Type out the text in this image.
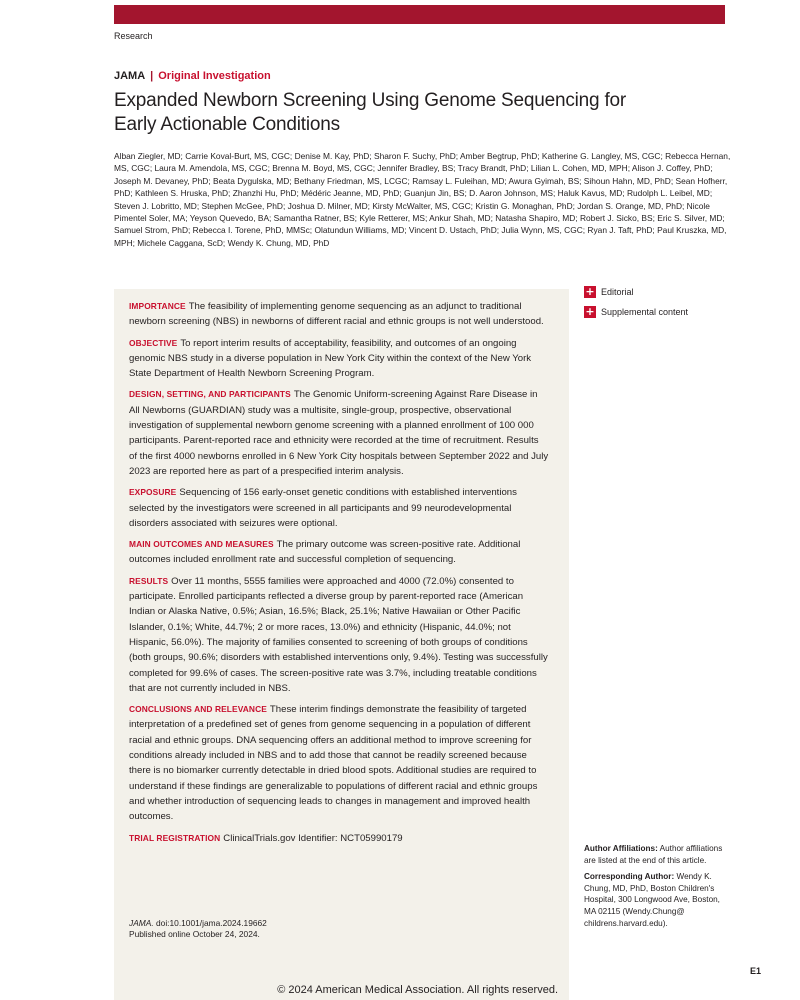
Research
JAMA | Original Investigation
Expanded Newborn Screening Using Genome Sequencing for Early Actionable Conditions

Alban Ziegler, MD; Carrie Koval-Burt, MS, CGC; Denise M. Kay, PhD; Sharon F. Suchy, PhD; Amber Begtrup, PhD; Katherine G. Langley, MS, CGC; Rebecca Hernan, MS, CGC; Laura M. Amendola, MS, CGC; Brenna M. Boyd, MS, CGC; Jennifer Bradley, BS; Tracy Brandt, PhD; Lilian L. Cohen, MD, MPH; Alison J. Coffey, PhD; Joseph M. Devaney, PhD; Beata Dygulska, MD; Bethany Friedman, MS, LCGC; Ramsay L. Fuleihan, MD; Awura Gyimah, BS; Sihoun Hahn, MD, PhD; Sean Hofherr, PhD; Kathleen S. Hruska, PhD; Zhanzhi Hu, PhD; Médéric Jeanne, MD, PhD; Guanjun Jin, BS; D. Aaron Johnson, MS; Haluk Kavus, MD; Rudolph L. Leibel, MD; Steven J. Lobritto, MD; Stephen McGee, PhD; Joshua D. Milner, MD; Kirsty McWalter, MS, CGC; Kristin G. Monaghan, PhD; Jordan S. Orange, MD, PhD; Nicole Pimentel Soler, MA; Yeyson Quevedo, BA; Samantha Ratner, BS; Kyle Retterer, MS; Ankur Shah, MD; Natasha Shapiro, MD; Robert J. Sicko, BS; Eric S. Silver, MD; Samuel Strom, PhD; Rebecca I. Torene, PhD, MMSc; Olatundun Williams, MD; Vincent D. Ustach, PhD; Julia Wynn, MS, CGC; Ryan J. Taft, PhD; Paul Kruszka, MD, MPH; Michele Caggana, ScD; Wendy K. Chung, MD, PhD

IMPORTANCE The feasibility of implementing genome sequencing as an adjunct to traditional newborn screening (NBS) in newborns of different racial and ethnic groups is not well understood.

OBJECTIVE To report interim results of acceptability, feasibility, and outcomes of an ongoing genomic NBS study in a diverse population in New York City within the context of the New York State Department of Health Newborn Screening Program.

DESIGN, SETTING, AND PARTICIPANTS The Genomic Uniform-screening Against Rare Disease in All Newborns (GUARDIAN) study was a multisite, single-group, prospective, observational investigation of supplemental newborn genome screening with a planned enrollment of 100 000 participants. Parent-reported race and ethnicity were recorded at the time of recruitment. Results of the first 4000 newborns enrolled in 6 New York City hospitals between September 2022 and July 2023 are reported here as part of a prespecified interim analysis.

EXPOSURE Sequencing of 156 early-onset genetic conditions with established interventions selected by the investigators were screened in all participants and 99 neurodevelopmental disorders associated with seizures were optional.

MAIN OUTCOMES AND MEASURES The primary outcome was screen-positive rate. Additional outcomes included enrollment rate and successful completion of sequencing.

RESULTS Over 11 months, 5555 families were approached and 4000 (72.0%) consented to participate. Enrolled participants reflected a diverse group by parent-reported race (American Indian or Alaska Native, 0.5%; Asian, 16.5%; Black, 25.1%; Native Hawaiian or Other Pacific Islander, 0.1%; White, 44.7%; 2 or more races, 13.0%) and ethnicity (Hispanic, 44.0%; not Hispanic, 56.0%). The majority of families consented to screening of both groups of conditions (both groups, 90.6%; disorders with established interventions only, 9.4%). Testing was successfully completed for 99.6% of cases. The screen-positive rate was 3.7%, including treatable conditions that are not currently included in NBS.

CONCLUSIONS AND RELEVANCE These interim findings demonstrate the feasibility of targeted interpretation of a predefined set of genes from genome sequencing in a population of different racial and ethnic groups. DNA sequencing offers an additional method to improve screening for conditions already included in NBS and to add those that cannot be readily screened because there is no biomarker currently detectable in dried blood spots. Additional studies are required to understand if these findings are generalizable to populations of different racial and ethnic groups and whether introduction of sequencing leads to changes in management and improved health outcomes.

TRIAL REGISTRATION ClinicalTrials.gov Identifier: NCT05990179

JAMA. doi:10.1001/jama.2024.19662
Published online October 24, 2024.
+ Editorial
+ Supplemental content

Author Affiliations: Author affiliations are listed at the end of this article.

Corresponding Author: Wendy K. Chung, MD, PhD, Boston Children's Hospital, 300 Longwood Ave, Boston, MA 02115 (Wendy.Chung@ childrens.harvard.edu).

E1
© 2024 American Medical Association. All rights reserved.
